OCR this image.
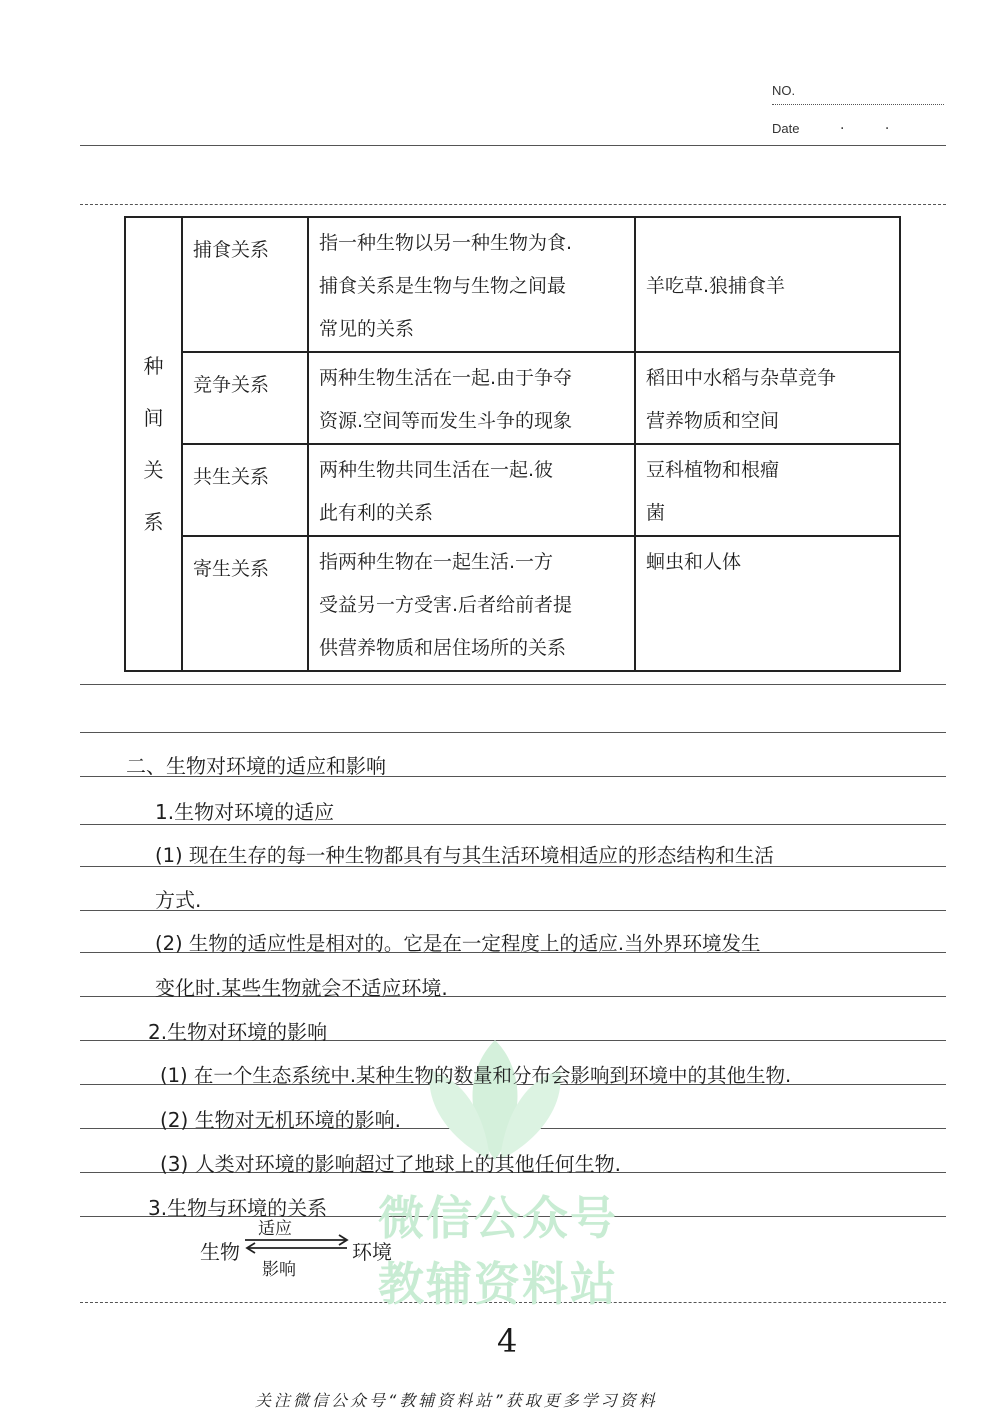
NO.
Date	· ·
微信公众号
教辅资料站
种间关系	捕食关系	指一种生物以另一种生物为食.
捕食关系是生物与生物之间最
常见的关系	羊吃草.狼捕食羊

	竞争关系	两种生物生活在一起.由于争夺
资源.空间等而发生斗争的现象	稻田中水稻与杂草竞争
营养物质和空间

	共生关系	两种生物共同生活在一起.彼
此有利的关系	豆科植物和根瘤
菌

	寄生关系	指两种生物在一起生活.一方
受益另一方受害.后者给前者提
供营养物质和居住场所的关系	蛔虫和人体
二、生物对环境的适应和影响
1.生物对环境的适应
(1) 现在生存的每一种生物都具有与其生活环境相适应的形态结构和生活
方式.
(2) 生物的适应性是相对的。它是在一定程度上的适应.当外界环境发生
变化时.某些生物就会不适应环境.
2.生物对环境的影响
(1) 在一个生态系统中.某种生物的数量和分布会影响到环境中的其他生物.
(2) 生物对无机环境的影响.
(3) 人类对环境的影响超过了地球上的其他任何生物.
3.生物与环境的关系
生物
适应
影响
环境
4
关注微信公众号“教辅资料站”获取更多学习资料
